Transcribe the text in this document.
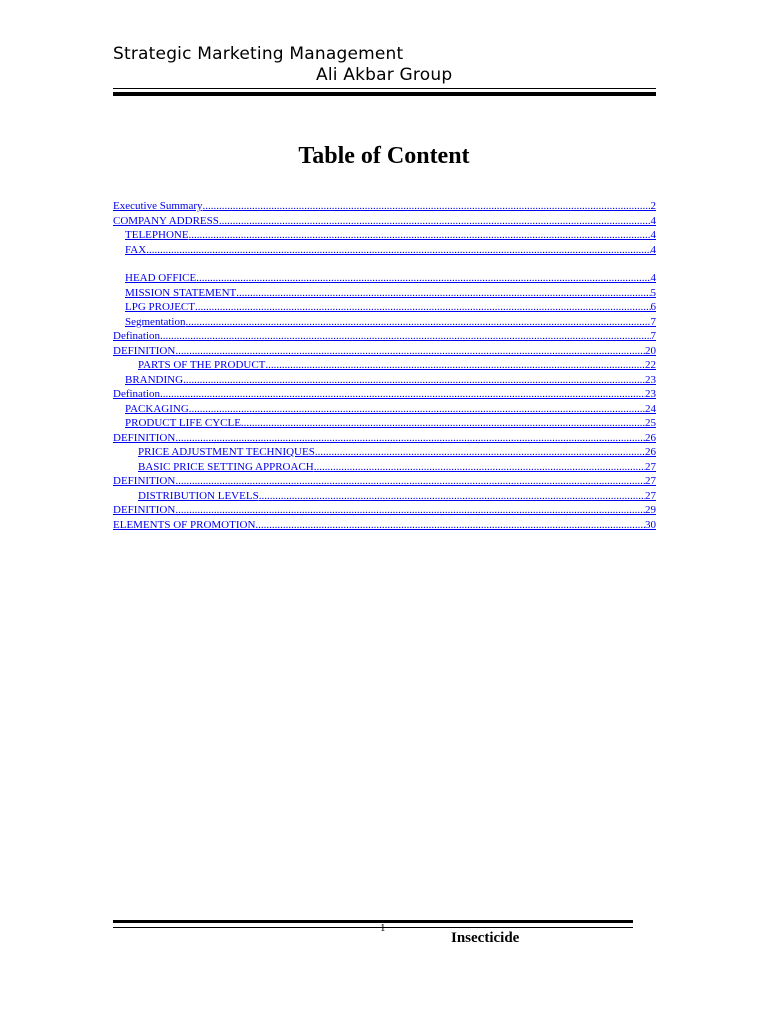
Strategic Marketing Management
Ali Akbar Group
Table of Content
Executive Summary .....	2
COMPANY ADDRESS .....	4
TELEPHONE .....	4
FAX .....	4
HEAD OFFICE .....	4
MISSION STATEMENT .....	5
LPG PROJECT .....	6
Segmentation .....	7
Defination .....	7
DEFINITION .....	20
PARTS OF THE PRODUCT .....	22
BRANDING .....	23
Defination .....	23
PACKAGING .....	24
PRODUCT LIFE CYCLE .....	25
DEFINITION .....	26
PRICE ADJUSTMENT TECHNIQUES .....	26
BASIC PRICE SETTING APPROACH .....	27
DEFINITION .....	27
DISTRIBUTION LEVELS .....	27
DEFINITION .....	29
ELEMENTS OF PROMOTION .....	30
1
Insecticide
